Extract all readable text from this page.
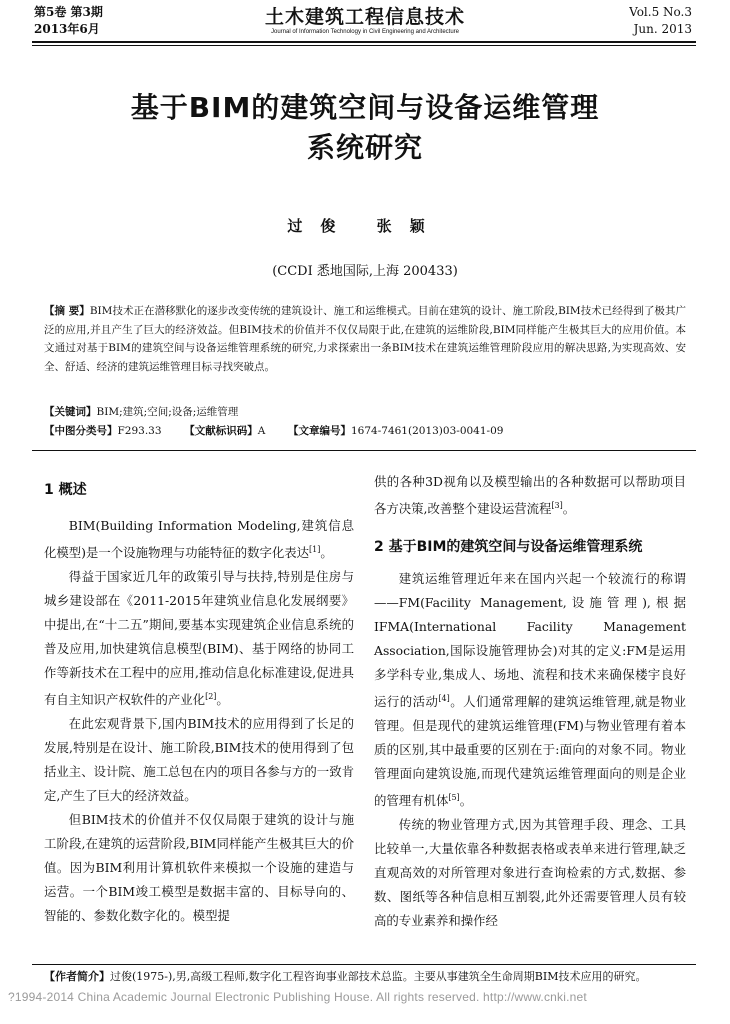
第5卷 第3期
2013年6月
土木建筑工程信息技术
Journal of Information Technology in Civil Engineering and Architecture
Vol.5 No.3
Jun. 2013
基于BIM的建筑空间与设备运维管理
系统研究
过俊 张颖
(CCDI 悉地国际,上海 200433)
【摘 要】BIM技术正在潜移默化的逐步改变传统的建筑设计、施工和运维模式。目前在建筑的设计、施工阶段,BIM技术已经得到了极其广泛的应用,并且产生了巨大的经济效益。但BIM技术的价值并不仅仅局限于此,在建筑的运维阶段,BIM同样能产生极其巨大的应用价值。本文通过对基于BIM的建筑空间与设备运维管理系统的研究,力求探索出一条BIM技术在建筑运维管理阶段应用的解决思路,为实现高效、安全、舒适、经济的建筑运维管理目标寻找突破点。
【关键词】BIM;建筑;空间;设备;运维管理
【中图分类号】F293.33 【文献标识码】A 【文章编号】1674-7461(2013)03-0041-09
1 概述

BIM(Building Information Modeling,建筑信息化模型)是一个设施物理与功能特征的数字化表达[1]。

得益于国家近几年的政策引导与扶持,特别是住房与城乡建设部在《2011-2015年建筑业信息化发展纲要》中提出,在“十二五”期间,要基本实现建筑企业信息系统的普及应用,加快建筑信息模型(BIM)、基于网络的协同工作等新技术在工程中的应用,推动信息化标准建设,促进具有自主知识产权软件的产业化[2]。

在此宏观背景下,国内BIM技术的应用得到了长足的发展,特别是在设计、施工阶段,BIM技术的使用得到了包括业主、设计院、施工总包在内的项目各参与方的一致肯定,产生了巨大的经济效益。

但BIM技术的价值并不仅仅局限于建筑的设计与施工阶段,在建筑的运营阶段,BIM同样能产生极其巨大的价值。因为BIM利用计算机软件来模拟一个设施的建造与运营。一个BIM竣工模型是数据丰富的、目标导向的、智能的、参数化数字化的。模型提

供的各种3D视角以及模型输出的各种数据可以帮助项目各方决策,改善整个建设运营流程[3]。

2 基于BIM的建筑空间与设备运维管理系统

建筑运维管理近年来在国内兴起一个较流行的称谓——FM(Facility Management,设施管理),根据IFMA(International Facility Management Association,国际设施管理协会)对其的定义:FM是运用多学科专业,集成人、场地、流程和技术来确保楼宇良好运行的活动[4]。人们通常理解的建筑运维管理,就是物业管理。但是现代的建筑运维管理(FM)与物业管理有着本质的区别,其中最重要的区别在于:面向的对象不同。物业管理面向建筑设施,而现代建筑运维管理面向的则是企业的管理有机体[5]。

传统的物业管理方式,因为其管理手段、理念、工具比较单一,大量依靠各种数据表格或表单来进行管理,缺乏直观高效的对所管理对象进行查询检索的方式,数据、参数、图纸等各种信息相互割裂,此外还需要管理人员有较高的专业素养和操作经

【作者简介】过俊(1975-),男,高级工程师,数字化工程咨询事业部技术总监。主要从事建筑全生命周期BIM技术应用的研究。
?1994-2014 China Academic Journal Electronic Publishing House. All rights reserved. http://www.cnki.net
